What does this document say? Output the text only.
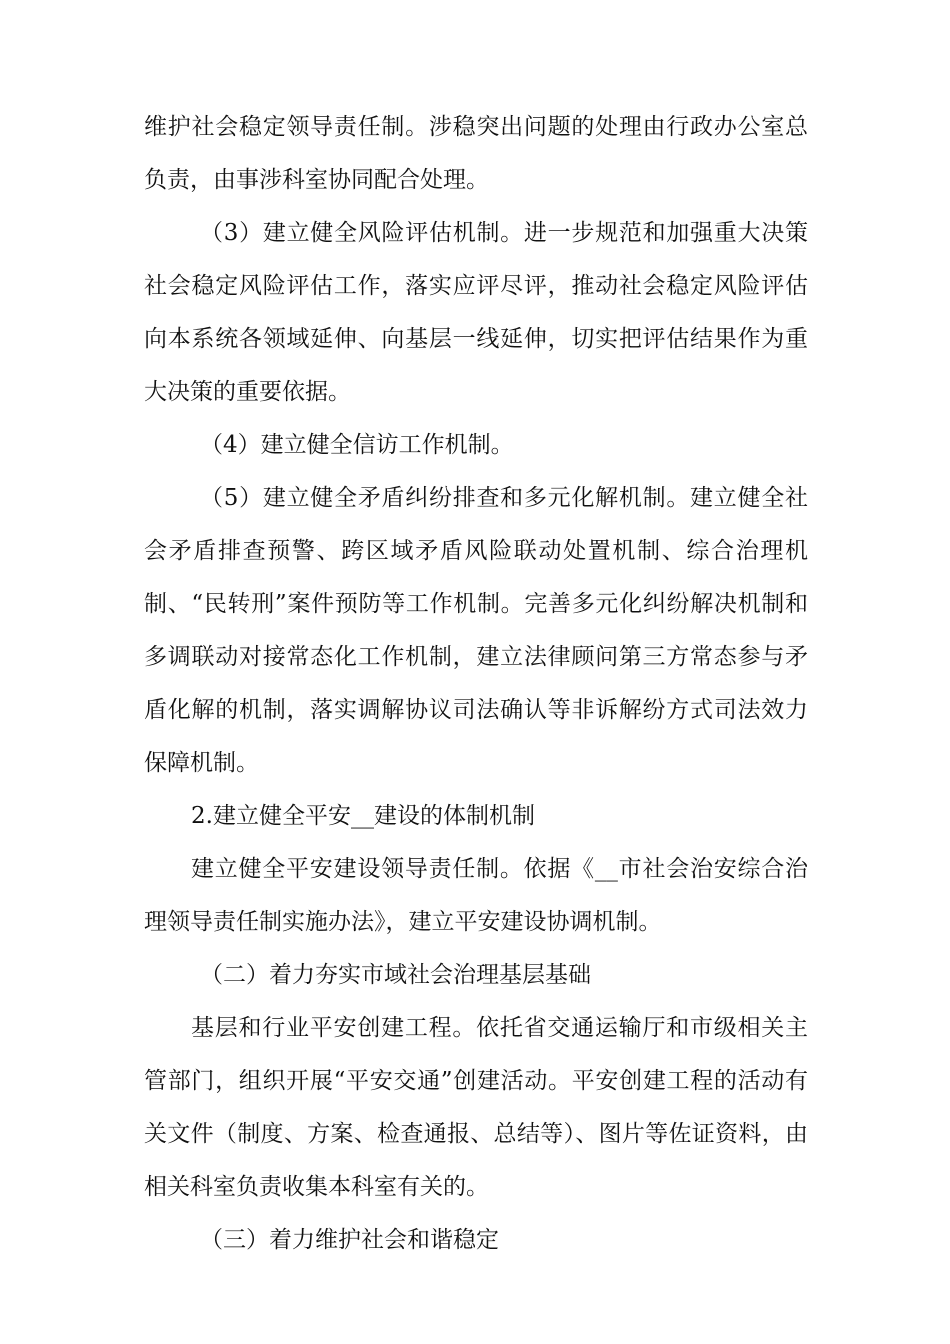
维护社会稳定领导责任制。涉稳突出问题的处理由行政办公室总负责，由事涉科室协同配合处理。

（3）建立健全风险评估机制。进一步规范和加强重大决策社会稳定风险评估工作，落实应评尽评，推动社会稳定风险评估向本系统各领域延伸、向基层一线延伸，切实把评估结果作为重大决策的重要依据。

（4）建立健全信访工作机制。

（5）建立健全矛盾纠纷排查和多元化解机制。建立健全社会矛盾排查预警、跨区域矛盾风险联动处置机制、综合治理机制、“民转刑”案件预防等工作机制。完善多元化纠纷解决机制和多调联动对接常态化工作机制，建立法律顾问第三方常态参与矛盾化解的机制，落实调解协议司法确认等非诉解纷方式司法效力保障机制。

2.建立健全平安__建设的体制机制

建立健全平安建设领导责任制。依据《__市社会治安综合治理领导责任制实施办法》，建立平安建设协调机制。

（二）着力夯实市域社会治理基层基础

基层和行业平安创建工程。依托省交通运输厅和市级相关主管部门，组织开展“平安交通”创建活动。平安创建工程的活动有关文件（制度、方案、检查通报、总结等）、图片等佐证资料，由相关科室负责收集本科室有关的。

（三）着力维护社会和谐稳定
